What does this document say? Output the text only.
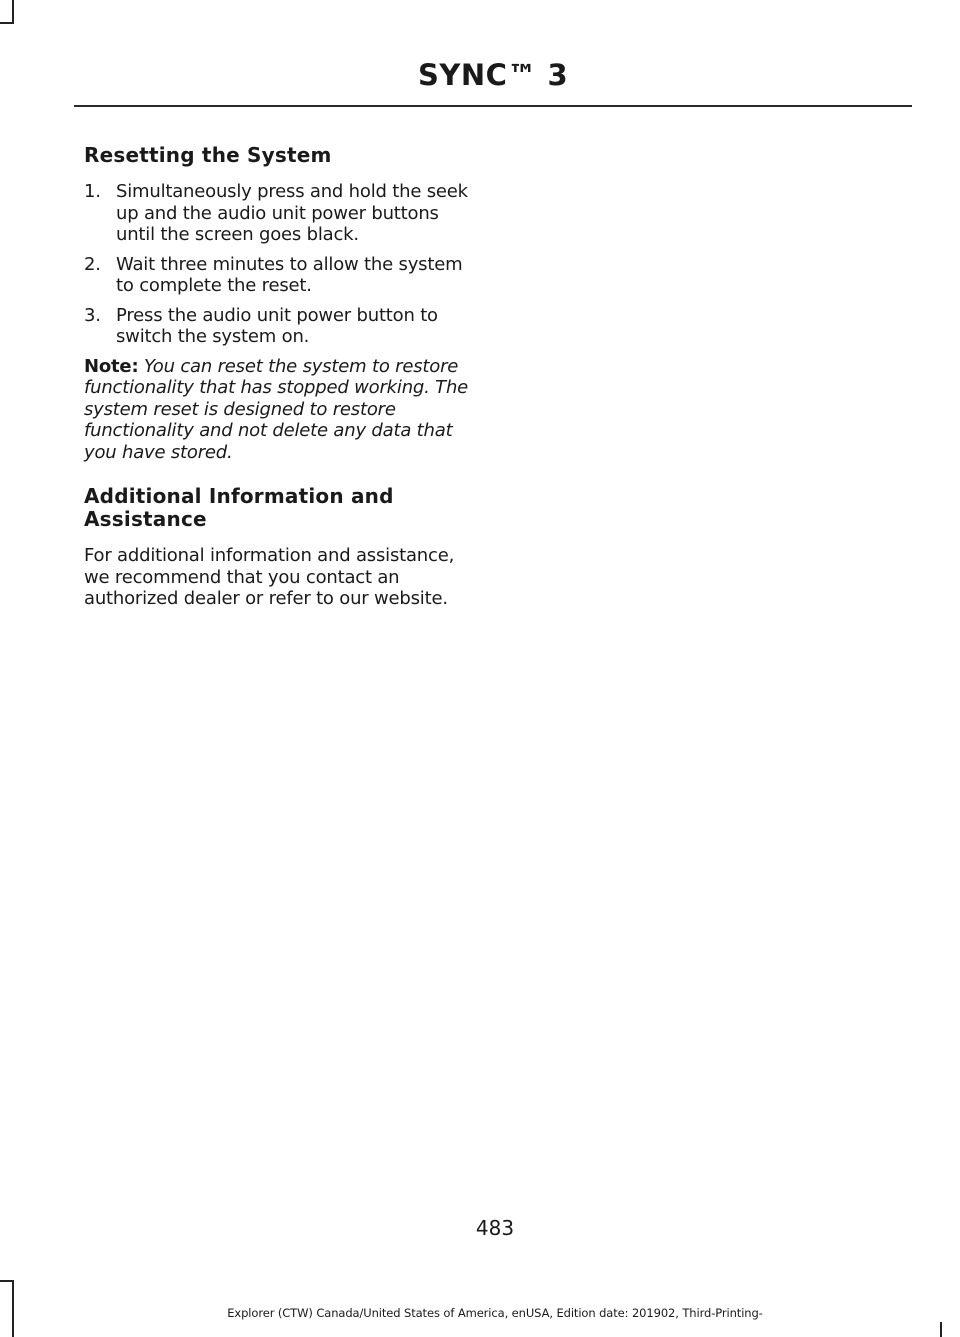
SYNC™ 3
Resetting the System
1. Simultaneously press and hold the seek up and the audio unit power buttons until the screen goes black.
2. Wait three minutes to allow the system to complete the reset.
3. Press the audio unit power button to switch the system on.

Note: You can reset the system to restore functionality that has stopped working. The system reset is designed to restore functionality and not delete any data that you have stored.

Additional Information and Assistance

For additional information and assistance, we recommend that you contact an authorized dealer or refer to our website.

483
Explorer (CTW) Canada/United States of America, enUSA, Edition date: 201902, Third-Printing-
